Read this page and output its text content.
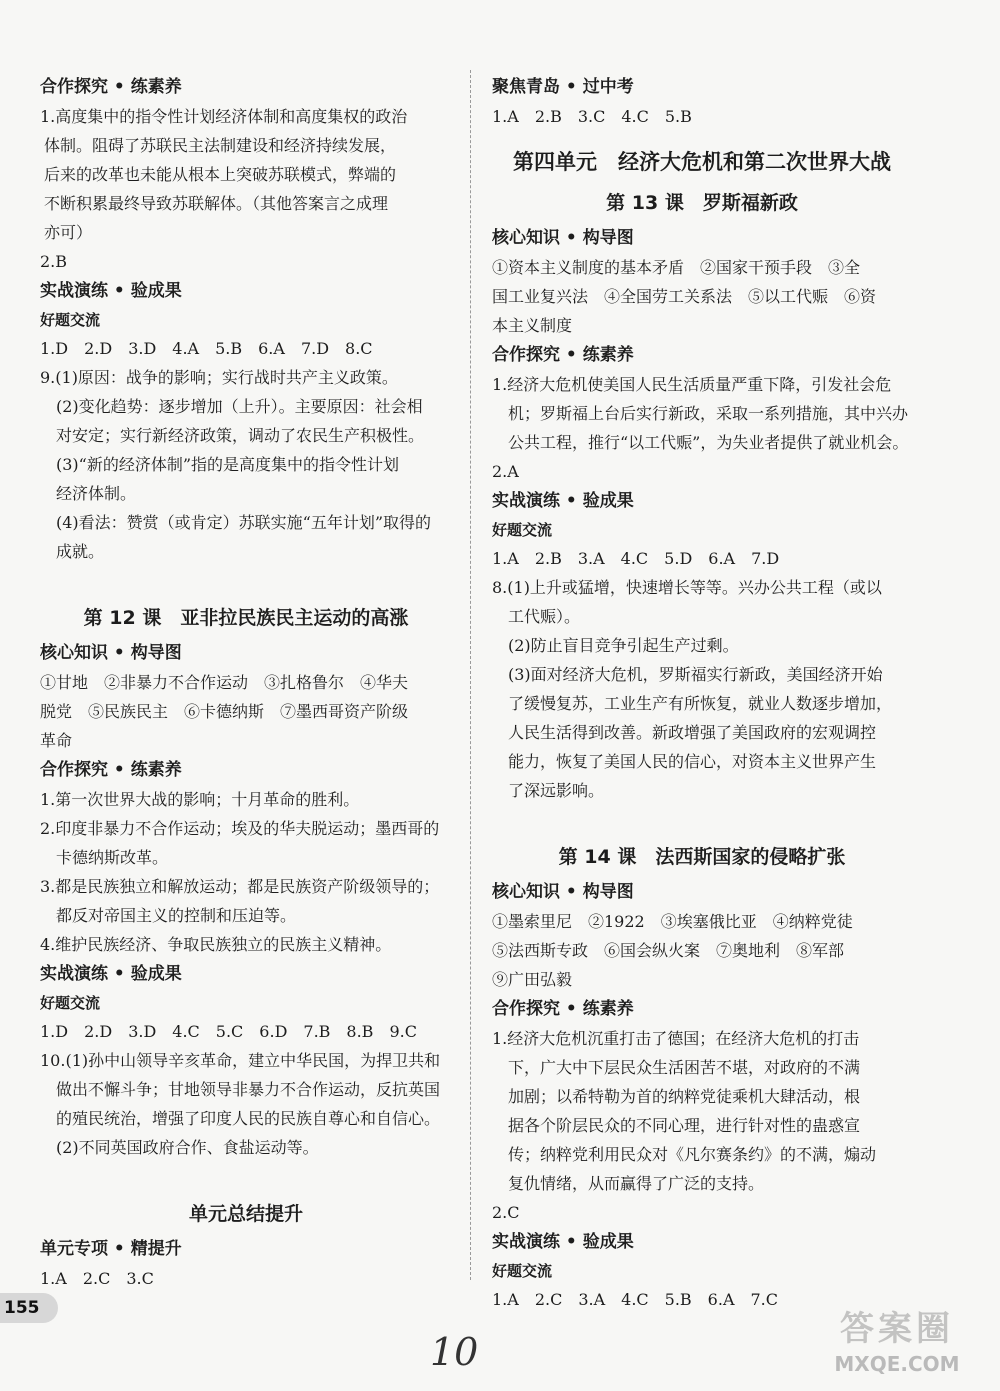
合作探究 • 练素养
1.高度集中的指令性计划经济体制和高度集权的政治
体制。阻碍了苏联民主法制建设和经济持续发展，
后来的改革也未能从根本上突破苏联模式，弊端的
不断积累最终导致苏联解体。（其他答案言之成理
亦可）
2.B
实战演练 • 验成果
好题交流
1.D　2.D　3.D　4.A　5.B　6.A　7.D　8.C
9.(1)原因：战争的影响；实行战时共产主义政策。
　(2)变化趋势：逐步增加（上升）。主要原因：社会相
　对安定；实行新经济政策，调动了农民生产积极性。
　(3)“新的经济体制”指的是高度集中的指令性计划
　经济体制。
　(4)看法：赞赏（或肯定）苏联实施“五年计划”取得的
　成就。
第 12 课　亚非拉民族民主运动的高涨
核心知识 • 构导图
①甘地　②非暴力不合作运动　③扎格鲁尔　④华夫
脱党　⑤民族民主　⑥卡德纳斯　⑦墨西哥资产阶级
革命
合作探究 • 练素养
1.第一次世界大战的影响；十月革命的胜利。
2.印度非暴力不合作运动；埃及的华夫脱运动；墨西哥的
　卡德纳斯改革。
3.都是民族独立和解放运动；都是民族资产阶级领导的；
　都反对帝国主义的控制和压迫等。
4.维护民族经济、争取民族独立的民族主义精神。
实战演练 • 验成果
好题交流
1.D　2.D　3.D　4.C　5.C　6.D　7.B　8.B　9.C
10.(1)孙中山领导辛亥革命，建立中华民国，为捍卫共和
　做出不懈斗争；甘地领导非暴力不合作运动，反抗英国
　的殖民统治，增强了印度人民的民族自尊心和自信心。
　(2)不同英国政府合作、食盐运动等。
单元总结提升
单元专项 • 精提升
1.A　2.C　3.C
聚焦青岛 • 过中考
1.A　2.B　3.C　4.C　5.B
第四单元　经济大危机和第二次世界大战
第 13 课　罗斯福新政
核心知识 • 构导图
①资本主义制度的基本矛盾　②国家干预手段　③全
国工业复兴法　④全国劳工关系法　⑤以工代赈　⑥资
本主义制度
合作探究 • 练素养
1.经济大危机使美国人民生活质量严重下降，引发社会危
　机；罗斯福上台后实行新政，采取一系列措施，其中兴办
　公共工程，推行“以工代赈”，为失业者提供了就业机会。
2.A
实战演练 • 验成果
好题交流
1.A　2.B　3.A　4.C　5.D　6.A　7.D
8.(1)上升或猛增，快速增长等等。兴办公共工程（或以
　工代赈）。
　(2)防止盲目竞争引起生产过剩。
　(3)面对经济大危机，罗斯福实行新政，美国经济开始
　了缓慢复苏，工业生产有所恢复，就业人数逐步增加，
　人民生活得到改善。新政增强了美国政府的宏观调控
　能力，恢复了美国人民的信心，对资本主义世界产生
　了深远影响。
第 14 课　法西斯国家的侵略扩张
核心知识 • 构导图
①墨索里尼　②1922　③埃塞俄比亚　④纳粹党徒
⑤法西斯专政　⑥国会纵火案　⑦奥地利　⑧军部
⑨广田弘毅
合作探究 • 练素养
1.经济大危机沉重打击了德国；在经济大危机的打击
　下，广大中下层民众生活困苦不堪，对政府的不满
　加剧；以希特勒为首的纳粹党徒乘机大肆活动，根
　据各个阶层民众的不同心理，进行针对性的蛊惑宣
　传；纳粹党利用民众对《凡尔赛条约》的不满，煽动
　复仇情绪，从而赢得了广泛的支持。
2.C
实战演练 • 验成果
好题交流
1.A　2.C　3.A　4.C　5.B　6.A　7.C
155
10
答案圈
MXQE.COM
